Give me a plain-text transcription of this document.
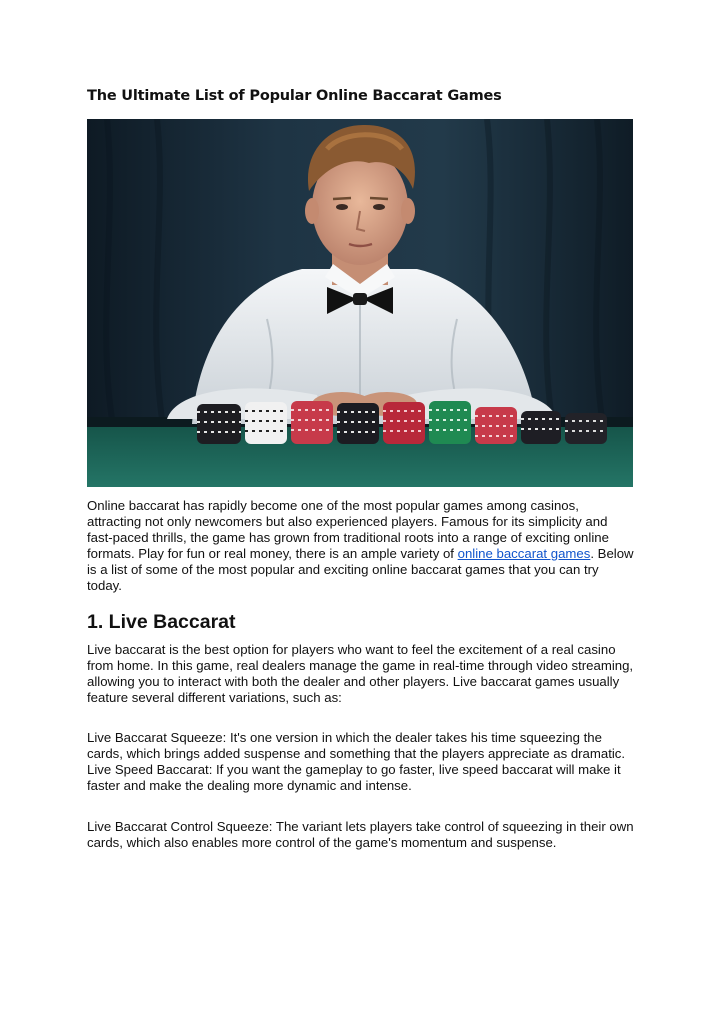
The Ultimate List of Popular Online Baccarat Games

Online baccarat has rapidly become one of the most popular games among casinos, attracting not only newcomers but also experienced players. Famous for its simplicity and fast-paced thrills, the game has grown from traditional roots into a range of exciting online formats. Play for fun or real money, there is an ample variety of online baccarat games. Below is a list of some of the most popular and exciting online baccarat games that you can try today.

1. Live Baccarat

Live baccarat is the best option for players who want to feel the excitement of a real casino from home. In this game, real dealers manage the game in real-time through video streaming, allowing you to interact with both the dealer and other players. Live baccarat games usually feature several different variations, such as:

Live Baccarat Squeeze: It's one version in which the dealer takes his time squeezing the cards, which brings added suspense and something that the players appreciate as dramatic.
Live Speed Baccarat: If you want the gameplay to go faster, live speed baccarat will make it faster and make the dealing more dynamic and intense.

Live Baccarat Control Squeeze: The variant lets players take control of squeezing in their own cards, which also enables more control of the game's momentum and suspense.
